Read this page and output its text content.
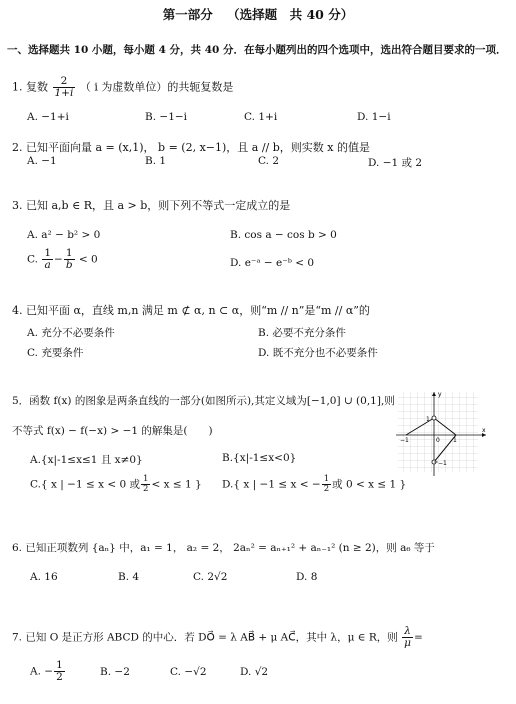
第一部分 （选择题　共 40 分）
一、选择题共 10 小题，每小题 4 分，共 40 分．在每小题列出的四个选项中，选出符合题目要求的一项．
1. 复数 $\frac{2}{1+i}$ （ i 为虚数单位）的共轭复数是
A. −1+i	B. −1−i	C. 1+i	D. 1−i
2. 已知平面向量 a = (x,1)， b = (2, x−1)，且 a // b，则实数 x 的值是
A. −1	B. 1	C. 2	D. −1 或 2
3. 已知 a,b ∈ R，且 a > b，则下列不等式一定成立的是
A. a² − b² > 0	B. cos a − cos b > 0
C. $\frac{1}{a} - \frac{1}{b} < 0$	D. e⁻ᵃ − e⁻ᵇ < 0
4. 已知平面 α，直线 m,n 满足 m ⊄ α, n ⊂ α，则“m // n”是“m // α”的
A. 充分不必要条件	B. 必要不充分条件
C. 充要条件	D. 既不充分也不必要条件
5．函数 f(x) 的图象是两条直线的一部分(如图所示),其定义域为[−1,0] ∪ (0,1],则
不等式 f(x) − f(−x) > −1 的解集是(　　)
A.{x|-1≤x≤1 且 x≠0}	B.{x|-1≤x<0}
C.{ x | −1 ≤ x < 0 或 $\frac{1}{2} < x \le 1$ } D.{ x | −1 ≤ x < − $\frac{1}{2}$ 或 0 < x ≤ 1 }
y
x
0
1
−1
−1	1
6. 已知正项数列 {aₙ} 中，a₁ = 1， a₂ = 2， 2aₙ² = aₙ₊₁² + aₙ₋₁² (n ≥ 2)，则 a₆ 等于
A. 16	B. 4	C. 2√2	D. 8
7. 已知 O 是正方形 ABCD 的中心．若 DO⃗ = λ AB⃗ + μ AC⃗，其中 λ，μ ∈ R，则 $\frac{\lambda}{\mu}$ =
A. − $\frac{1}{2}$	B. −2	C. −√2	D. √2
